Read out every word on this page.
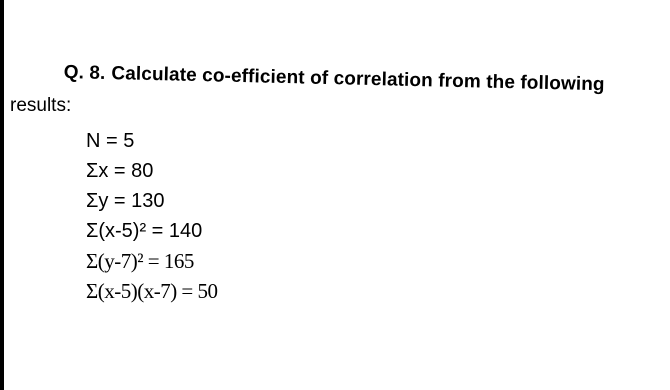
Q. 8. Calculate co-efficient of correlation from the following
results:
N = 5
Σx = 80
Σy = 130
Σ(x-5)² = 140
Σ(y-7)² = 165
Σ(x-5)(x-7) = 50
